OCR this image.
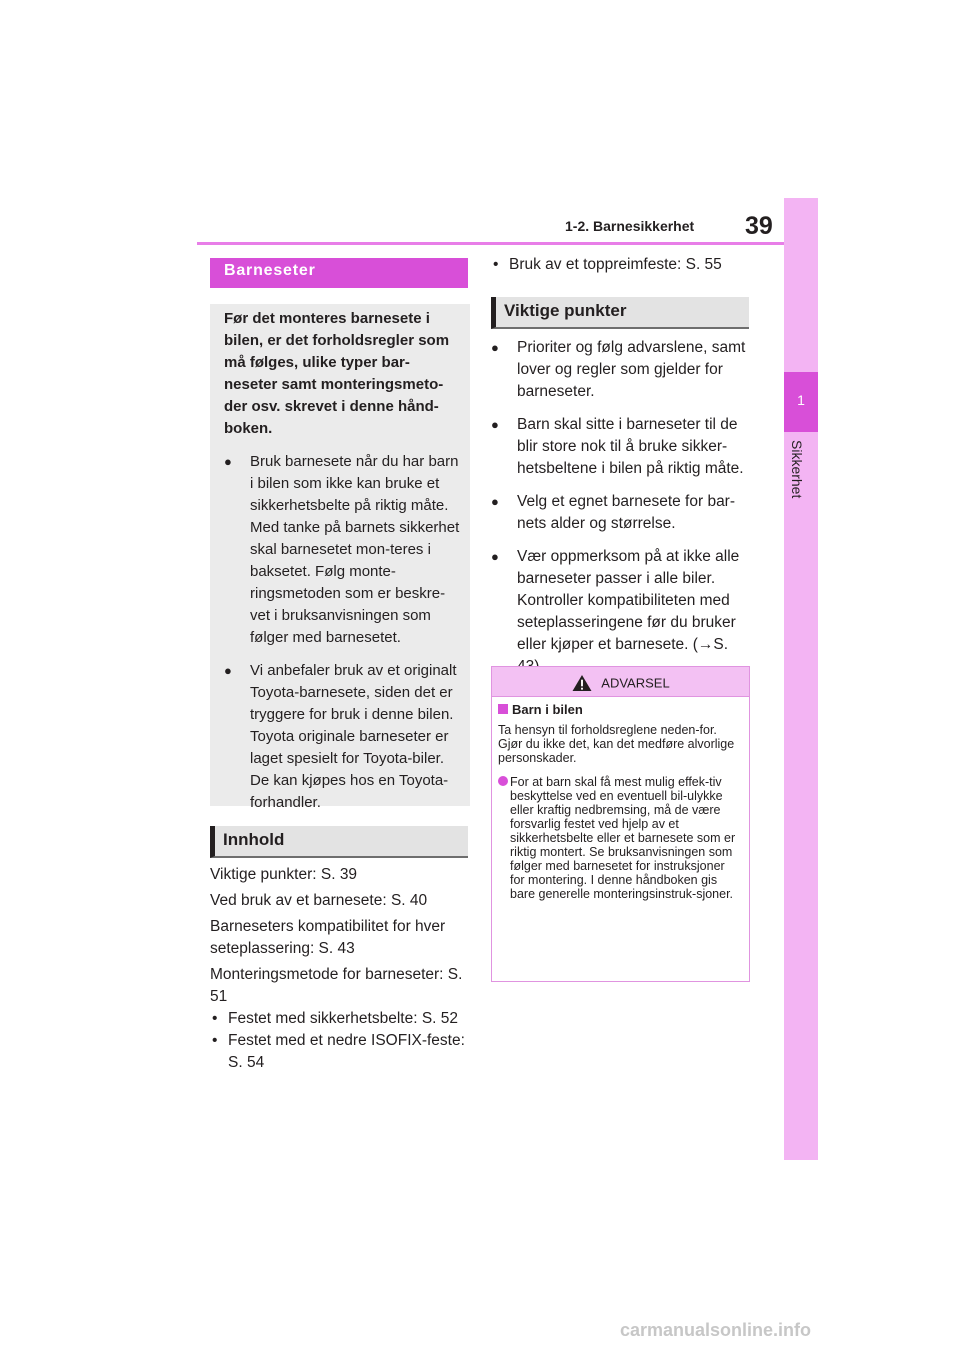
1-2. Barnesikkerhet 39
1
Sikkerhet
Barneseter

Før det monteres barnesete i bilen, er det forholdsregler som må følges, ulike typer bar-neseter samt monteringsmeto-der osv. skrevet i denne hånd-boken.

● Bruk barnesete når du har barn i bilen som ikke kan bruke et sikkerhetsbelte på riktig måte. Med tanke på barnets sikkerhet skal barnesetet mon-teres i baksetet. Følg monte-ringsmetoden som er beskre-vet i bruksanvisningen som følger med barnesetet.
● Vi anbefaler bruk av et originalt Toyota-barnesete, siden det er tryggere for bruk i denne bilen. Toyota originale barneseter er laget spesielt for Toyota-biler. De kan kjøpes hos en Toyota-forhandler.
Innhold

Viktige punkter: S. 39

Ved bruk av et barnesete: S. 40

Barneseters kompatibilitet for hver seteplassering: S. 43

Monteringsmetode for barneseter: S. 51

• Festet med sikkerhetsbelte: S. 52

• Festet med et nedre ISOFIX-feste: S. 54

• Bruk av et toppreimfeste: S. 55

Viktige punkter
● Prioriter og følg advarslene, samt lover og regler som gjelder for barneseter.
● Barn skal sitte i barneseter til de blir store nok til å bruke sikker-hetsbeltene i bilen på riktig måte.
● Velg et egnet barnesete for bar-nets alder og størrelse.
● Vær oppmerksom på at ikke alle barneseter passer i alle biler. Kontroller kompatibiliteten med seteplasseringene før du bruker eller kjøper et barnesete. (→S.
ADVARSEL

Barn i bilen

Ta hensyn til forholdsreglene neden-for.

Gjør du ikke det, kan det medføre alvorlige personskader.

For at barn skal få mest mulig effek-tiv beskyttelse ved en eventuell bil-ulykke eller kraftig nedbremsing, må de være forsvarlig festet ved hjelp av et sikkerhetsbelte eller et barnesete som er riktig montert. Se bruksanvisningen som følger med barnesetet for instruksjoner for montering. I denne håndboken gis bare generelle monteringsinstruk-sjoner.
carmanualsonline.info
